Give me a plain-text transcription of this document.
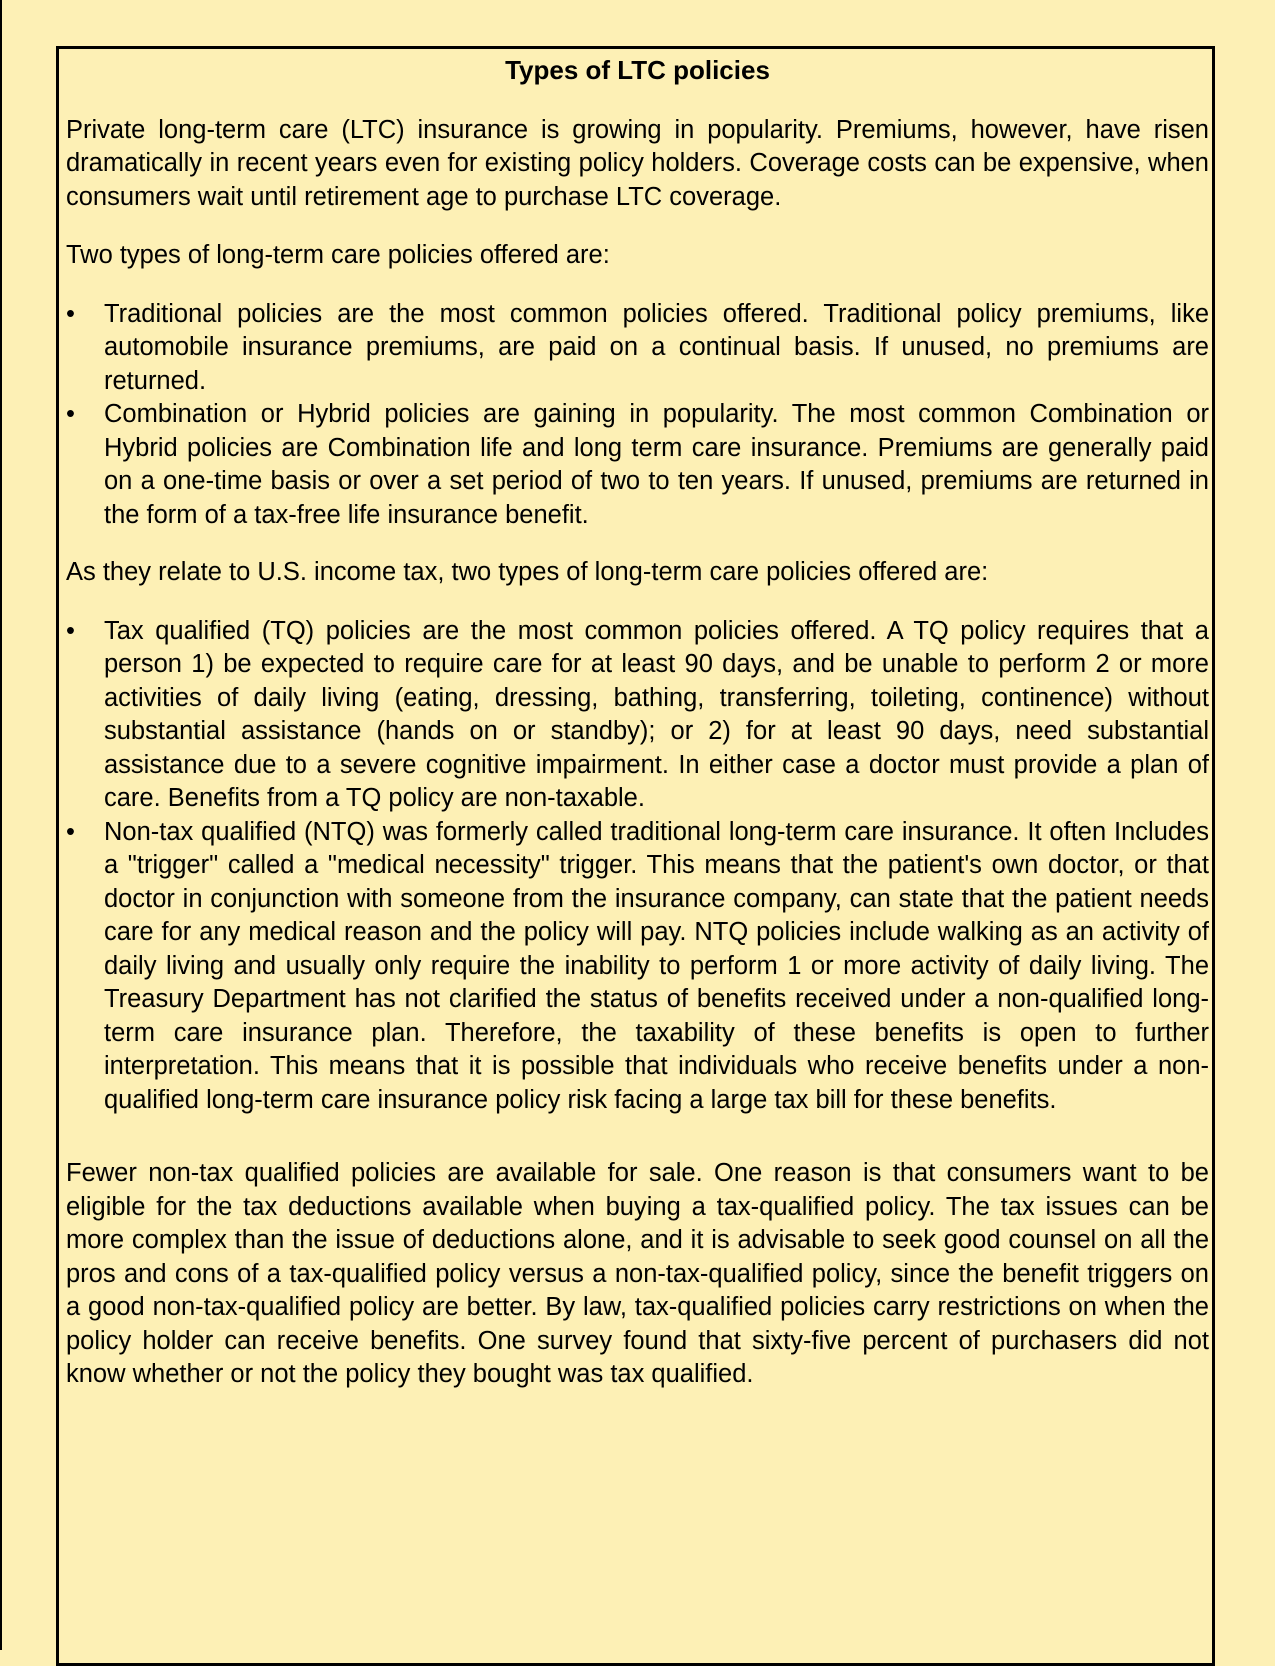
Types of LTC policies

Private long-term care (LTC) insurance is growing in popularity. Premiums, however, have risen dramatically in recent years even for existing policy holders. Coverage costs can be expensive, when consumers wait until retirement age to purchase LTC coverage.

Two types of long-term care policies offered are:

•	Traditional policies are the most common policies offered. Traditional policy premiums, like automobile insurance premiums, are paid on a continual basis. If unused, no premiums are returned.
•	Combination or Hybrid policies are gaining in popularity. The most common Combination or Hybrid policies are Combination life and long term care insurance. Premiums are generally paid on a one-time basis or over a set period of two to ten years. If unused, premiums are returned in the form of a tax-free life insurance benefit.

As they relate to U.S. income tax, two types of long-term care policies offered are:

•	Tax qualified (TQ) policies are the most common policies offered. A TQ policy requires that a person 1) be expected to require care for at least 90 days, and be unable to perform 2 or more activities of daily living (eating, dressing, bathing, transferring, toileting, continence) without substantial assistance (hands on or standby); or 2) for at least 90 days, need substantial assistance due to a severe cognitive impairment. In either case a doctor must provide a plan of care. Benefits from a TQ policy are non-taxable.
•	Non-tax qualified (NTQ) was formerly called traditional long-term care insurance. It often Includes a "trigger" called a "medical necessity" trigger. This means that the patient's own doctor, or that doctor in conjunction with someone from the insurance company, can state that the patient needs care for any medical reason and the policy will pay. NTQ policies include walking as an activity of daily living and usually only require the inability to perform 1 or more activity of daily living. The Treasury Department has not clarified the status of benefits received under a non-qualified long-term care insurance plan. Therefore, the taxability of these benefits is open to further interpretation. This means that it is possible that individuals who receive benefits under a non-qualified long-term care insurance policy risk facing a large tax bill for these benefits.

Fewer non-tax qualified policies are available for sale. One reason is that consumers want to be eligible for the tax deductions available when buying a tax-qualified policy. The tax issues can be more complex than the issue of deductions alone, and it is advisable to seek good counsel on all the pros and cons of a tax-qualified policy versus a non-tax-qualified policy, since the benefit triggers on a good non-tax-qualified policy are better. By law, tax-qualified policies carry restrictions on when the policy holder can receive benefits. One survey found that sixty-five percent of purchasers did not know whether or not the policy they bought was tax qualified.
